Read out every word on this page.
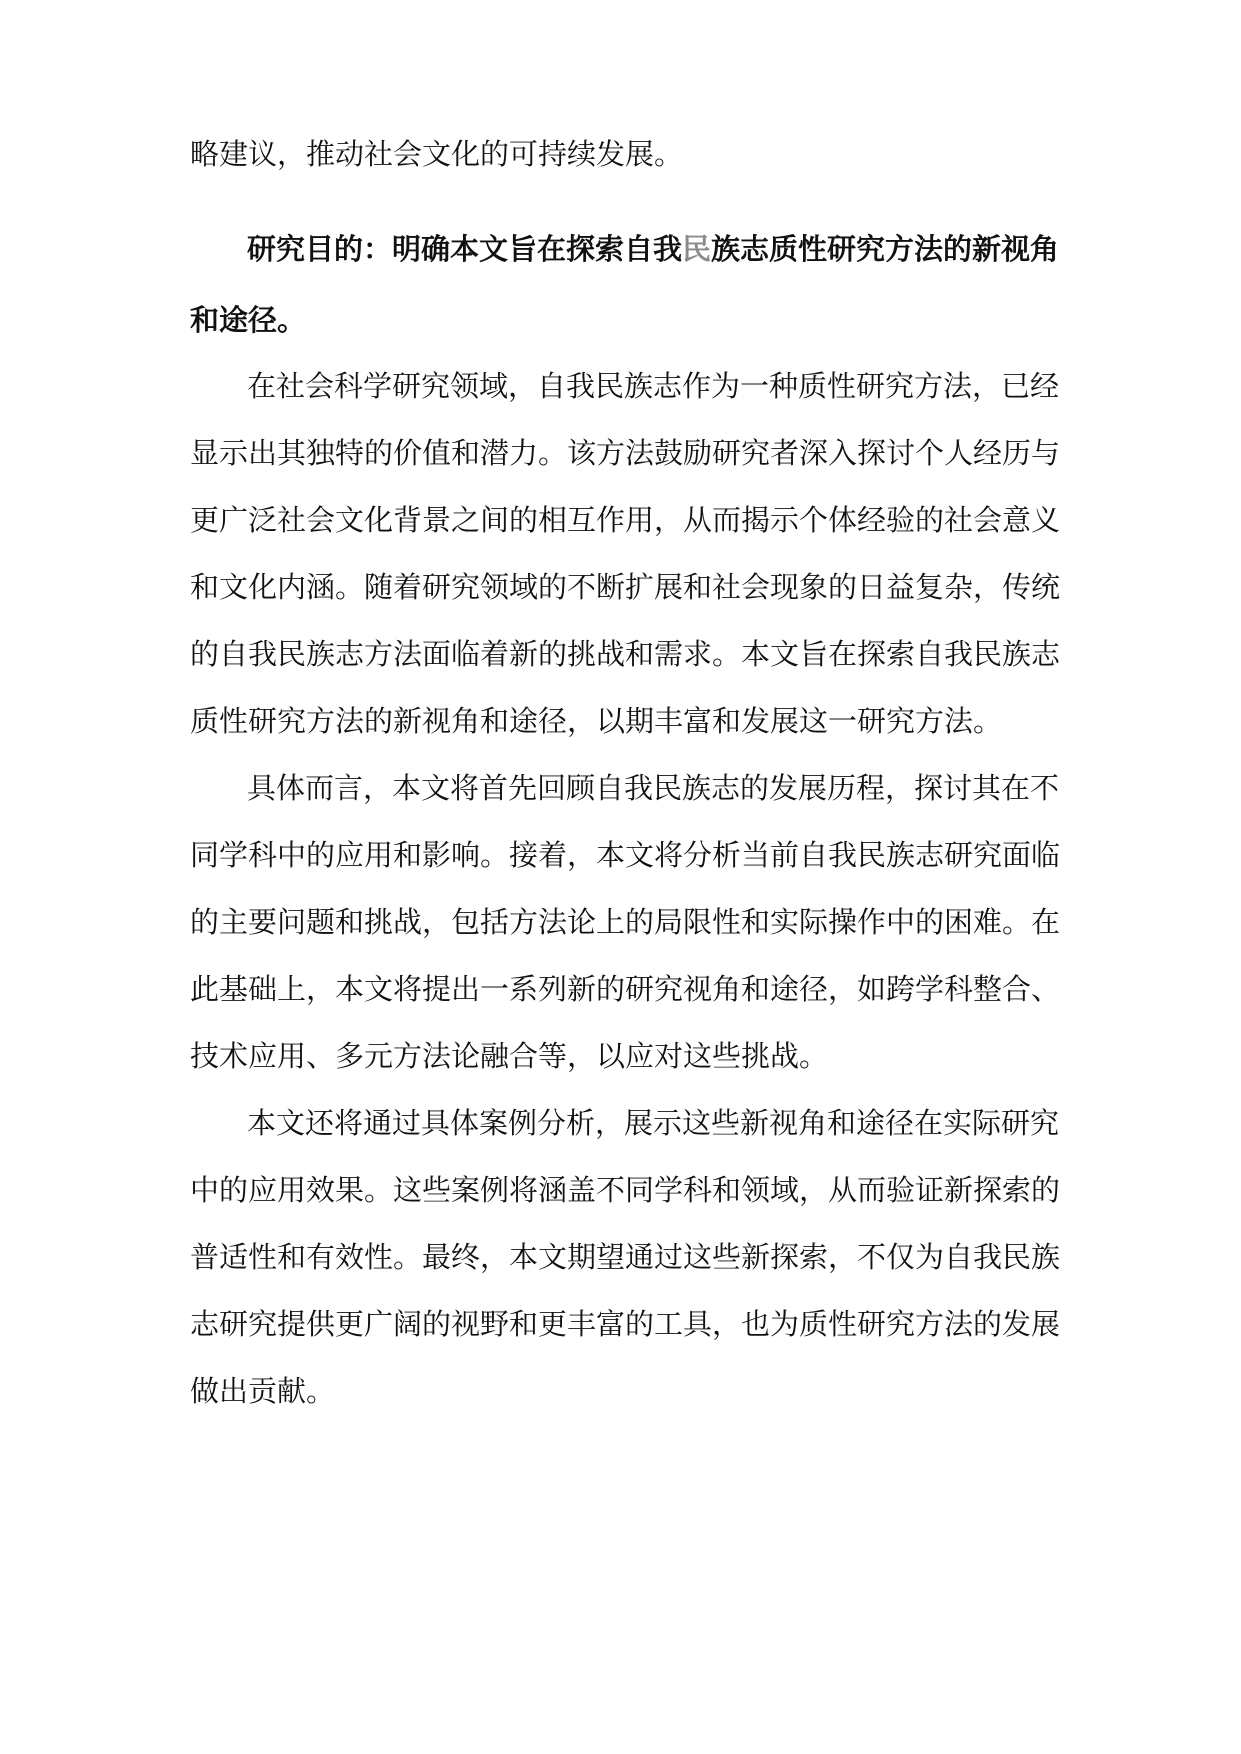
略建议，推动社会文化的可持续发展。
研究目的：明确本文旨在探索自我民族志质性研究方法的新视角
和途径。
在社会科学研究领域，自我民族志作为一种质性研究方法，已经
显示出其独特的价值和潜力。该方法鼓励研究者深入探讨个人经历与
更广泛社会文化背景之间的相互作用，从而揭示个体经验的社会意义
和文化内涵。随着研究领域的不断扩展和社会现象的日益复杂，传统
的自我民族志方法面临着新的挑战和需求。本文旨在探索自我民族志
质性研究方法的新视角和途径，以期丰富和发展这一研究方法。
具体而言，本文将首先回顾自我民族志的发展历程，探讨其在不
同学科中的应用和影响。接着，本文将分析当前自我民族志研究面临
的主要问题和挑战，包括方法论上的局限性和实际操作中的困难。在
此基础上，本文将提出一系列新的研究视角和途径，如跨学科整合、
技术应用、多元方法论融合等，以应对这些挑战。
本文还将通过具体案例分析，展示这些新视角和途径在实际研究
中的应用效果。这些案例将涵盖不同学科和领域，从而验证新探索的
普适性和有效性。最终，本文期望通过这些新探索，不仅为自我民族
志研究提供更广阔的视野和更丰富的工具，也为质性研究方法的发展
做出贡献。
